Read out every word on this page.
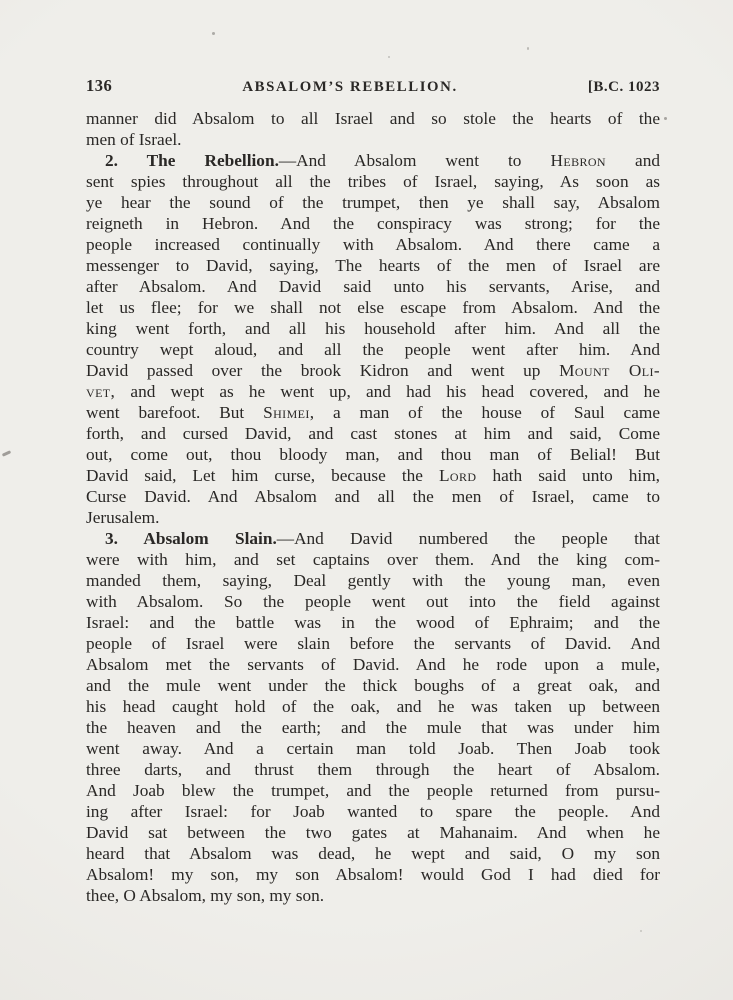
136	ABSALOM’S REBELLION.	[B.C. 1023
manner did Absalom to all Israel and so stole the hearts of the
men of Israel.
2. The Rebellion.—And Absalom went to Hebron and
sent spies throughout all the tribes of Israel, saying, As soon as
ye hear the sound of the trumpet, then ye shall say, Absalom
reigneth in Hebron. And the conspiracy was strong; for the
people increased continually with Absalom. And there came a
messenger to David, saying, The hearts of the men of Israel are
after Absalom. And David said unto his servants, Arise, and
let us flee; for we shall not else escape from Absalom. And the
king went forth, and all his household after him. And all the
country wept aloud, and all the people went after him. And
David passed over the brook Kidron and went up Mount Oli-
vet, and wept as he went up, and had his head covered, and he
went barefoot. But Shimei, a man of the house of Saul came
forth, and cursed David, and cast stones at him and said, Come
out, come out, thou bloody man, and thou man of Belial! But
David said, Let him curse, because the Lord hath said unto him,
Curse David. And Absalom and all the men of Israel, came to
Jerusalem.
3. Absalom Slain.—And David numbered the people that
were with him, and set captains over them. And the king com-
manded them, saying, Deal gently with the young man, even
with Absalom. So the people went out into the field against
Israel: and the battle was in the wood of Ephraim; and the
people of Israel were slain before the servants of David. And
Absalom met the servants of David. And he rode upon a mule,
and the mule went under the thick boughs of a great oak, and
his head caught hold of the oak, and he was taken up between
the heaven and the earth; and the mule that was under him
went away. And a certain man told Joab. Then Joab took
three darts, and thrust them through the heart of Absalom.
And Joab blew the trumpet, and the people returned from pursu-
ing after Israel: for Joab wanted to spare the people. And
David sat between the two gates at Mahanaim. And when he
heard that Absalom was dead, he wept and said, O my son
Absalom! my son, my son Absalom! would God I had died for
thee, O Absalom, my son, my son.
